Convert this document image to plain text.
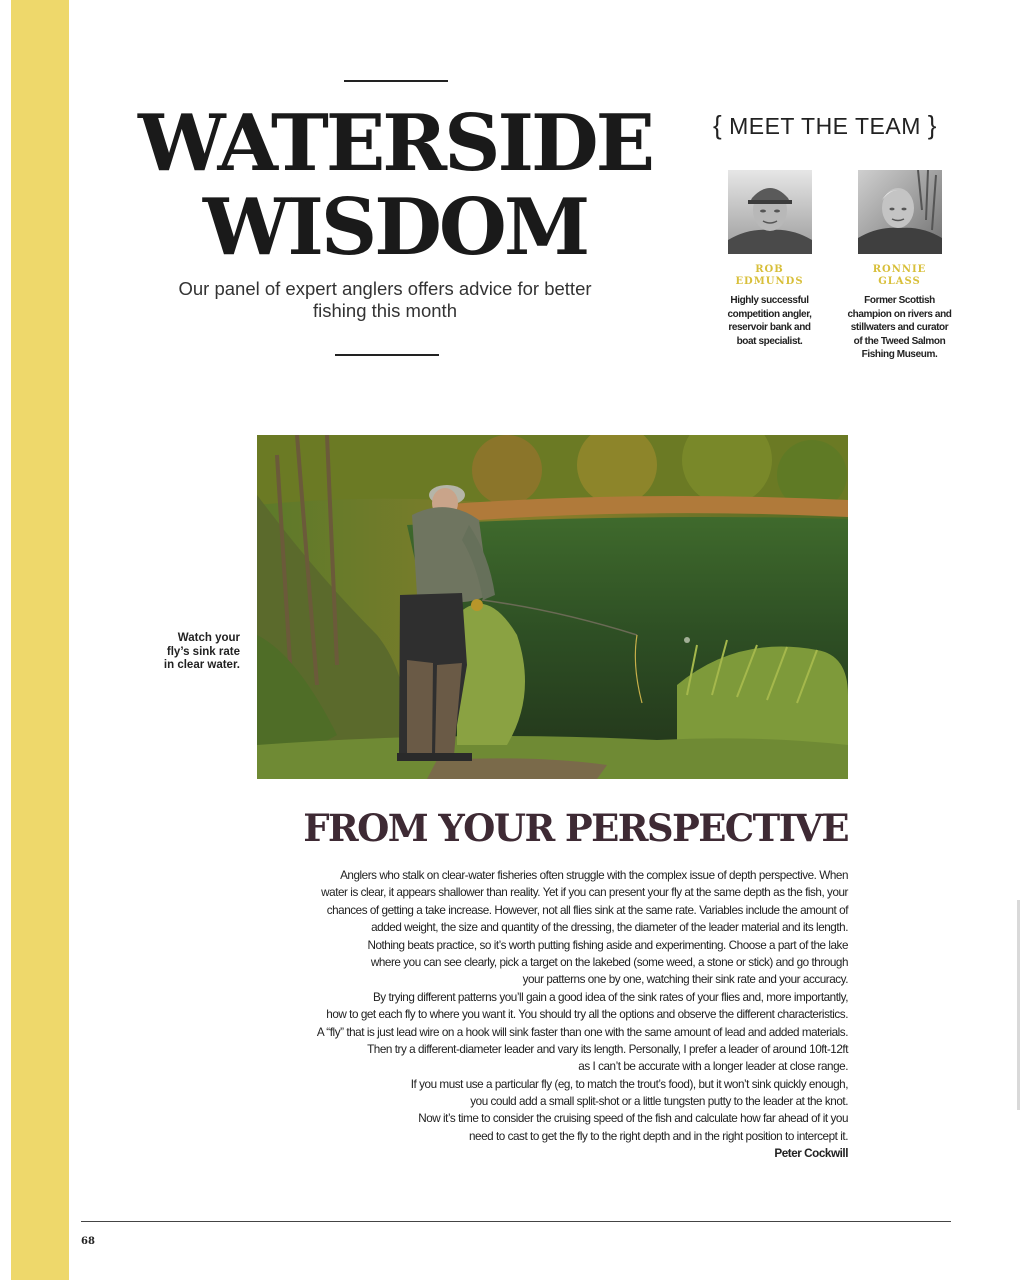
WATERSIDE
WISDOM

Our panel of expert anglers offers advice for better fishing this month

{ MEET THE TEAM }
ROB
EDMUNDS
Highly successful
competition angler,
reservoir bank and
boat specialist.
RONNIE
GLASS
Former Scottish
champion on rivers and
stillwaters and curator
of the Tweed Salmon
Fishing Museum.
Watch your
fly’s sink rate
in clear water.
FROM YOUR PERSPECTIVE
Anglers who stalk on clear-water fisheries often struggle with the complex issue of depth perspective. When
water is clear, it appears shallower than reality. Yet if you can present your fly at the same depth as the fish, your
chances of getting a take increase. However, not all flies sink at the same rate. Variables include the amount of
added weight, the size and quantity of the dressing, the diameter of the leader material and its length.
Nothing beats practice, so it’s worth putting fishing aside and experimenting. Choose a part of the lake
where you can see clearly, pick a target on the lakebed (some weed, a stone or stick) and go through
your patterns one by one, watching their sink rate and your accuracy.
By trying different patterns you’ll gain a good idea of the sink rates of your flies and, more importantly,
how to get each fly to where you want it. You should try all the options and observe the different characteristics.
A “fly” that is just lead wire on a hook will sink faster than one with the same amount of lead and added materials.
Then try a different-diameter leader and vary its length. Personally, I prefer a leader of around 10ft-12ft
as I can’t be accurate with a longer leader at close range.
If you must use a particular fly (eg, to match the trout’s food), but it won’t sink quickly enough,
you could add a small split-shot or a little tungsten putty to the leader at the knot.
Now it’s time to consider the cruising speed of the fish and calculate how far ahead of it you
need to cast to get the fly to the right depth and in the right position to intercept it.
Peter Cockwill
68
